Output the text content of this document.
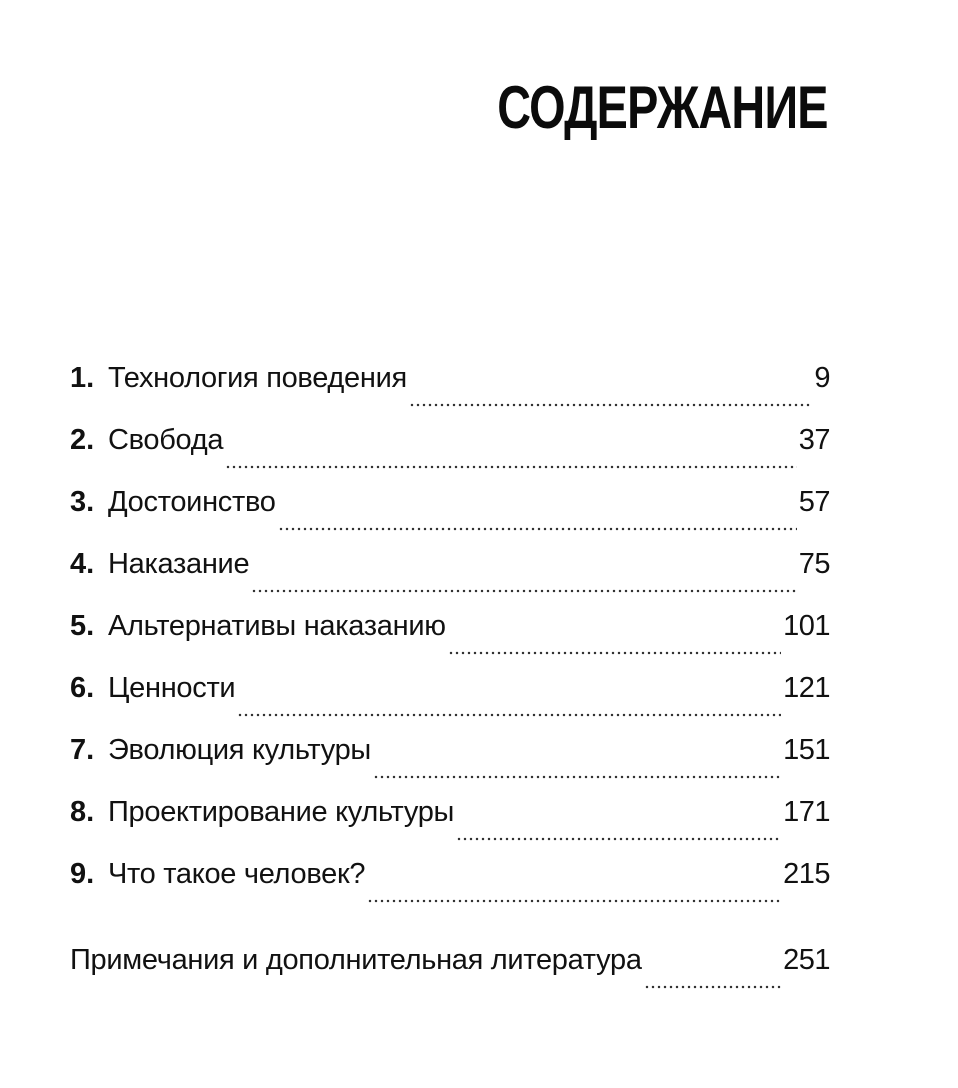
СОДЕРЖАНИЕ
1. Технология поведения	9
2. Свобода	37
3. Достоинство	57
4. Наказание	75
5. Альтернативы наказанию	101
6. Ценности	121
7. Эволюция культуры	151
8. Проектирование культуры	171
9. Что такое человек?	215
Примечания и дополнительная литература	251
